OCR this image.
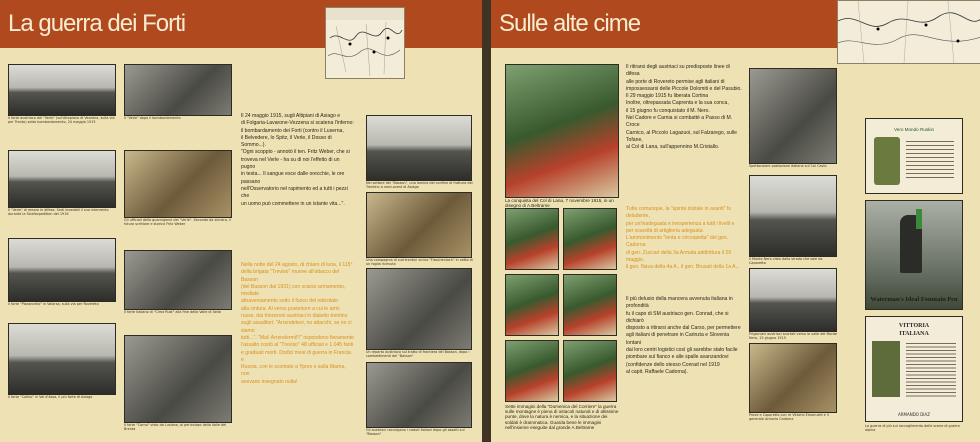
La guerra dei Forti
Il forte austriaco del "Verle" (sul'Altopiano di Vezzena, sulla via per Trento) sotto bombardamento, 24 maggio 1915
Il "Verle" dopo il bombardamento
Il "Verle" di mezzo in difesa. Sedi invasibili il suo intervento durante la Strafexpedition del 1916
Gli ufficiali della guarnigione del "Verle". Secondo da sinistra, il futuro scrittore e storico Fritz Weber
Il forte "Pizzoncello" in Valarsa, sulla via per Rovereto
Il forte italiano di "Cima Rust" alla fine della Valle di Sella
Il forte "Colhio" in Val d'Assa, il più forte di Asiago
Il forte "Corno" visto da Lusiana, al pericoloso della Valle del Brenta

Il 24 maggio 1915, sugli Altipiani di Asiago e
di Folgaria-Lavarone-Vezzena si scatena l'inferno:
il bombardamento dei Forti (contro il Luserna,
il Belvedere, lo Spitz, il Verle, il Dosso di Sommo...).
"Ogni scoppio - annotò il ten. Fritz Weber, che si
troveva nel Verle - ha su di noi l'effetto di un pugno
in testa... Il sangue esce dalle orecchie, le ore passano
nell'Osservatorio nel rapimento ed a tutti i pezzi che
un uomo può commettere in un istante vita...".

Nella notte del 24 agosto, di chiaro di luna, il 115°
della brigata "Treviso" muove all'attacco del Basson
(del Basson dal 1931) con scarso armamento, mediate
attraversamento sotto il fuoco del reticolato
alla cintura. Al verso posteriore a cui le armi
russe, dai trinceroni austriaci in dialetto trentino
sugli assalitori: "Arrendetevi, no attacchi, se no ci siamo
tutti...". "Mai! Arrendermi!!!" rispondono fieramente
l'assalto costò al "Treviso" 48 ufficiali e 1.045 fanti
e graduati morti. Dodici mesi di guerra in Francia e
Russia, con le scontate a Ypres e sulla Marna, non
avevano insegnato nulla!

Nel settore del "Basson", una lamina del confine di frattura del Trentino a nord-ovest di Asiago
Una compagnia di sud trentini vicino "Flaschenloch" in vetta di un foglia ricevuto
Un reparto austriaco sul tratto di frontiera del Basson, dopo i combattimenti del "Basson"
Gli austriaci raccolgono i caduti italiani dopo gli assalti sul "Basson"
Sulle alte cime
La conquista del Col di Lana, 7 novembre 1915, in un disegno di A.Beltrame
Sette immagini della "Domenica del Corriere" la guerra sulle montagne è piena di ostacoli naturali e di altissime punte, dove la natura è nemica, e la situazione dei soldati è drammatica. Guarda bene le immagini nell'insieme eseguite dal grande A.Beltrame

Il ritirarsi degli austriaci su predisposte linee di difesa
alle porte di Rovereto permise agli italiani di
impossessarsi delle Piccole Dolomiti e del Pasubio.
Il 29 maggio 1915 fu liberata Cortina
Inoltre, oltrepassata Caprenta e la sua conca,
il 15 giugno fu conquistato il M. Nero.
Nel Cadore e Carnia si combatté a Passo di M. Croce
Carnico, al Piccolo Lagazuoi, sul Falzarego, sulle Tofane,
al Col di Lana, sull'appennino M.Cristallo.

Tutte comunque, la "spinta iniziale in avanti" fu deludente,
per un'inadeguata e inesperienza a tutti i livelli e
per scarsità di artiglieria adeguata.
L'ammonimento "lenta e circospetta" del gen. Cadorna
di gen. Zuccari della 3a Armata addirittura il 29 maggio,
il gen. Nava della 4a A., il gen. Brusati della 1a A.,.

Il più delusio della manovra avvenuta italiana in profondità
fu il capo di SM austriaco gen. Conrad, che si dichiarò
disposto a ritirarsi anche dal Carso, per permettere
agli italiani di penetrare in Carinzia e Slovenia lontani
dai loro centri logistici così gli sarebbe stato facile
piombare sul fianco e alle spalle avanzandovi
(confidenze dello stesso Conrad nel 1919
al capit. Raffaele Cadorna).

Spettacolare postazione italiana sul Col Cavio
Il Monte Nero visto dalla strada che sale da Caporetto
Prigionieri austriaci scortati verso la valle del Monte Nero, 15 giugno 1915
Prove a Caporetto con re Vittorio Emanuele e il generale Antonio Cadorna
Vero Mondo Ruskin
Waterman's Ideal Fountain Pen
VITTORIA
ITALIANA
ARMANDO DIAZ
La guerra di più sul raccoglimento delle scene di guerra alpina
